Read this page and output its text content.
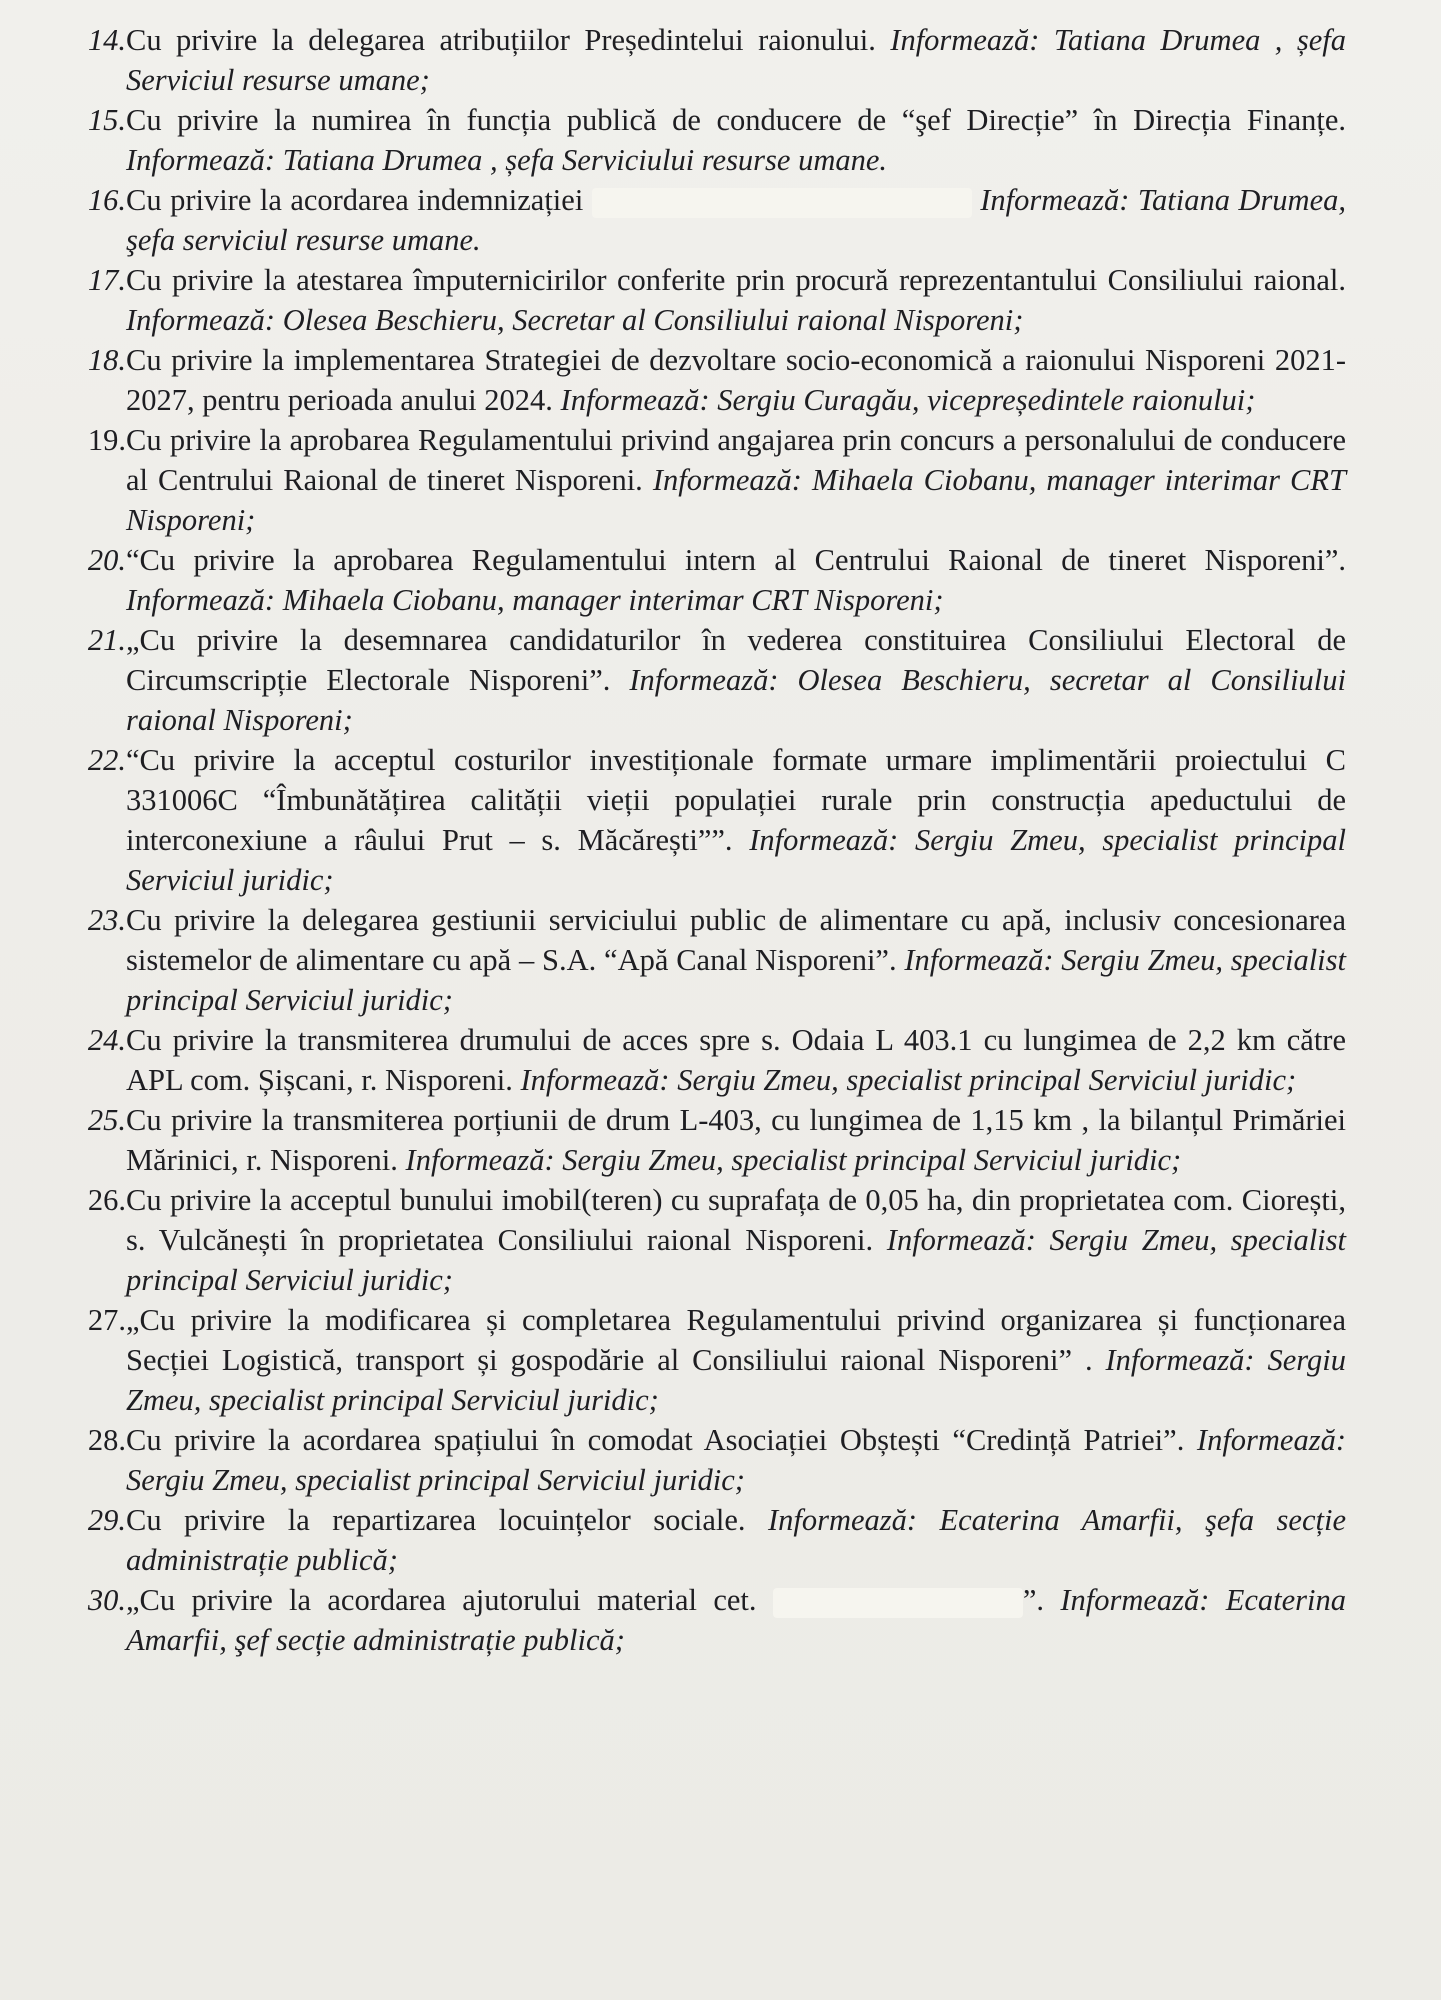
14. Cu privire la delegarea atribuțiilor Președintelui raionului. Informează: Tatiana Drumea , șefa Serviciul resurse umane;
15. Cu privire la numirea în funcția publică de conducere de “şef Direcție” în Direcția Finanțe. Informează: Tatiana Drumea , șefa Serviciului resurse umane.
16. Cu privire la acordarea indemnizației	Informează: Tatiana Drumea, şefa serviciul resurse umane.
17. Cu privire la atestarea împuternicirilor conferite prin procură reprezentantului Consiliului raional. Informează: Olesea Beschieru, Secretar al Consiliului raional Nisporeni;
18. Cu privire la implementarea Strategiei de dezvoltare socio-economică a raionului Nisporeni 2021-2027, pentru perioada anului 2024. Informează: Sergiu Curagău, vicepreședintele raionului;
19. Cu privire la aprobarea Regulamentului privind angajarea prin concurs a personalului de conducere al Centrului Raional de tineret Nisporeni. Informează: Mihaela Ciobanu, manager interimar CRT Nisporeni;
20. “Cu privire la aprobarea Regulamentului intern al Centrului Raional de tineret Nisporeni”. Informează: Mihaela Ciobanu, manager interimar CRT Nisporeni;
21. „Cu privire la desemnarea candidaturilor în vederea constituirea Consiliului Electoral de Circumscripție Electorale Nisporeni”. Informează: Olesea Beschieru, secretar al Consiliului raional Nisporeni;
22. “Cu privire la acceptul costurilor investiționale formate urmare implimentării proiectului C 331006C “Îmbunătățirea calității vieții populației rurale prin construcția apeductului de interconexiune a râului Prut – s. Măcărești””. Informează: Sergiu Zmeu, specialist principal Serviciul juridic;
23. Cu privire la delegarea gestiunii serviciului public de alimentare cu apă, inclusiv concesionarea sistemelor de alimentare cu apă – S.A. “Apă Canal Nisporeni”. Informează: Sergiu Zmeu, specialist principal Serviciul juridic;
24. Cu privire la transmiterea drumului de acces spre s. Odaia L 403.1 cu lungimea de 2,2 km către APL com. Șișcani, r. Nisporeni. Informează: Sergiu Zmeu, specialist principal Serviciul juridic;
25. Cu privire la transmiterea porțiunii de drum L-403, cu lungimea de 1,15 km , la bilanțul Primăriei Mărinici, r. Nisporeni. Informează: Sergiu Zmeu, specialist principal Serviciul juridic;
26. Cu privire la acceptul bunului imobil(teren) cu suprafața de 0,05 ha, din proprietatea com. Ciorești, s. Vulcănești în proprietatea Consiliului raional Nisporeni. Informează: Sergiu Zmeu, specialist principal Serviciul juridic;
27. „Cu privire la modificarea și completarea Regulamentului privind organizarea și funcționarea Secției Logistică, transport și gospodărie al Consiliului raional Nisporeni” . Informează: Sergiu Zmeu, specialist principal Serviciul juridic;
28. Cu privire la acordarea spațiului în comodat Asociației Obștești “Credință Patriei”. Informează: Sergiu Zmeu, specialist principal Serviciul juridic;
29. Cu privire la repartizarea locuințelor sociale. Informează: Ecaterina Amarfii, şefa secție administrație publică;
30. „Cu privire la acordarea ajutorului material cet.	”. Informează: Ecaterina Amarfii, şef secție administrație publică;
